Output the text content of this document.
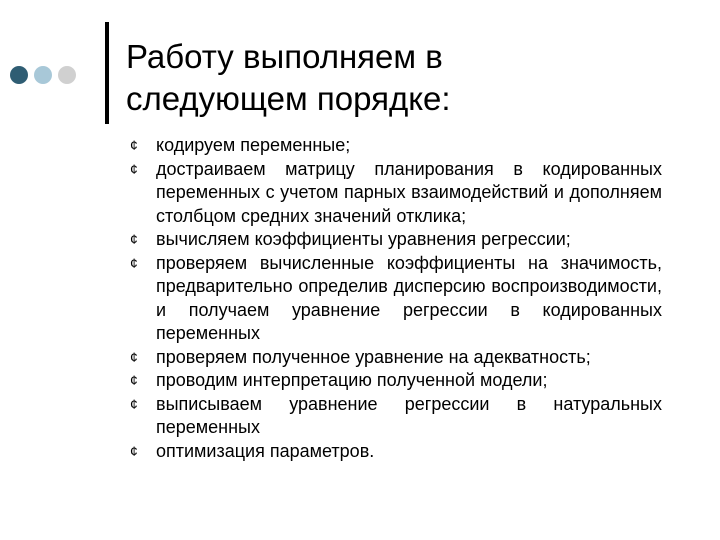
Работу выполняем в
следующем порядке:
¢	кодируем переменные;
¢	достраиваем матрицу планирования в кодированных переменных с учетом парных взаимодействий и дополняем столбцом средних значений отклика;
¢	вычисляем коэффициенты уравнения регрессии;
¢	проверяем вычисленные коэффициенты на значимость, предварительно определив дисперсию воспроизводимости, и получаем уравнение регрессии в кодированных переменных
¢	проверяем полученное уравнение на адекватность;
¢	проводим интерпретацию полученной модели;
¢	выписываем уравнение регрессии в натуральных переменных
¢	оптимизация параметров.
